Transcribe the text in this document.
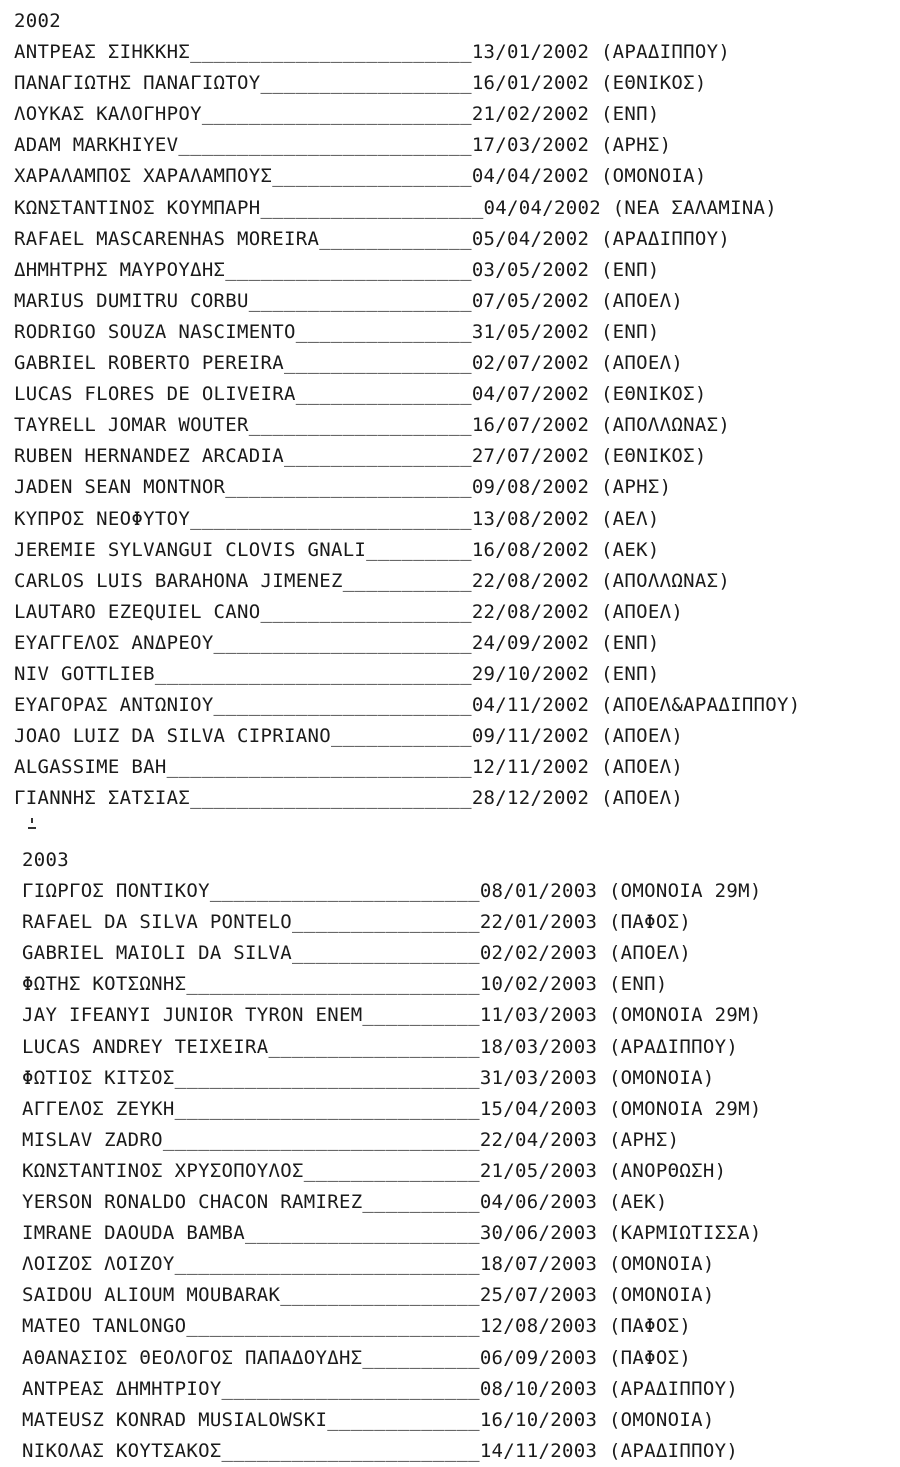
2002
ΑΝΤΡΕΑΣ ΣΙΗΚΚΗΣ________________________13/01/2002 (ΑΡΑΔΙΠΠΟΥ)
ΠΑΝΑΓΙΩΤΗΣ ΠΑΝΑΓΙΩΤΟΥ__________________16/01/2002 (ΕΘΝΙΚΟΣ)
ΛΟΥΚΑΣ ΚΑΛΟΓΗΡΟΥ_______________________21/02/2002 (ΕΝΠ)
ADAM MARKHIYEV_________________________17/03/2002 (ΑΡΗΣ)
ΧΑΡΑΛΑΜΠΟΣ ΧΑΡΑΛΑΜΠΟΥΣ_________________04/04/2002 (ΟΜΟΝΟΙΑ)
ΚΩΝΣΤΑΝΤΙΝΟΣ ΚΟΥΜΠΑΡΗ___________________04/04/2002 (ΝΕΑ ΣΑΛΑΜΙΝΑ)
RAFAEL MASCARENHAS MOREIRA_____________05/04/2002 (ΑΡΑΔΙΠΠΟΥ)
ΔΗΜΗΤΡΗΣ ΜΑΥΡΟΥΔΗΣ_____________________03/05/2002 (ΕΝΠ)
MARIUS DUMITRU CORBU___________________07/05/2002 (ΑΠΟΕΛ)
RODRIGO SOUZA NASCIMENTO_______________31/05/2002 (ΕΝΠ)
GABRIEL ROBERTO PEREIRA________________02/07/2002 (ΑΠΟΕΛ)
LUCAS FLORES DE OLIVEIRA_______________04/07/2002 (ΕΘΝΙΚΟΣ)
TAYRELL JOMAR WOUTER___________________16/07/2002 (ΑΠΟΛΛΩΝΑΣ)
RUBEN HERNANDEZ ARCADIA________________27/07/2002 (ΕΘΝΙΚΟΣ)
JADEN SEAN MONTNOR_____________________09/08/2002 (ΑΡΗΣ)
ΚΥΠΡΟΣ ΝΕΟΦΥΤΟΥ________________________13/08/2002 (ΑΕΛ)
JEREMIE SYLVANGUI CLOVIS GNALI_________16/08/2002 (ΑΕΚ)
CARLOS LUIS BARAHONA JIMENEZ___________22/08/2002 (ΑΠΟΛΛΩΝΑΣ)
LAUTARO EZEQUIEL CANO__________________22/08/2002 (ΑΠΟΕΛ)
ΕΥΑΓΓΕΛΟΣ ΑΝΔΡΕΟΥ______________________24/09/2002 (ΕΝΠ)
NIV GOTTLIEB___________________________29/10/2002 (ΕΝΠ)
ΕΥΑΓΟΡΑΣ ΑΝΤΩΝΙΟΥ______________________04/11/2002 (ΑΠΟΕΛ&ΑΡΑΔΙΠΠΟΥ)
JOAO LUIZ DA SILVA CIPRIANO____________09/11/2002 (ΑΠΟΕΛ)
ALGASSIME BAH__________________________12/11/2002 (ΑΠΟΕΛ)
ΓΙΑΝΝΗΣ ΣΑΤΣΙΑΣ________________________28/12/2002 (ΑΠΟΕΛ)
2003
ΓΙΩΡΓΟΣ ΠΟΝΤΙΚΟΥ_______________________08/01/2003 (ΟΜΟΝΟΙΑ 29Μ)
RAFAEL DA SILVA PONTELO________________22/01/2003 (ΠΑΦΟΣ)
GABRIEL MAIOLI DA SILVA________________02/02/2003 (ΑΠΟΕΛ)
ΦΩΤΗΣ ΚΟΤΣΩΝΗΣ_________________________10/02/2003 (ΕΝΠ)
JAY IFEANYI JUNIOR TYRON ENEM__________11/03/2003 (ΟΜΟΝΟΙΑ 29Μ)
LUCAS ANDREY TEIXEIRA__________________18/03/2003 (ΑΡΑΔΙΠΠΟΥ)
ΦΩΤΙΟΣ ΚΙΤΣΟΣ__________________________31/03/2003 (ΟΜΟΝΟΙΑ)
ΑΓΓΕΛΟΣ ΖΕΥΚΗ__________________________15/04/2003 (ΟΜΟΝΟΙΑ 29Μ)
MISLAV ZADRO___________________________22/04/2003 (ΑΡΗΣ)
ΚΩΝΣΤΑΝΤΙΝΟΣ ΧΡΥΣΟΠΟΥΛΟΣ_______________21/05/2003 (ΑΝΟΡΘΩΣΗ)
YERSON RONALDO CHACON RAMIREZ__________04/06/2003 (ΑΕΚ)
IMRANE DAOUDA BAMBA____________________30/06/2003 (ΚΑΡΜΙΩΤΙΣΣΑ)
ΛΟΙΖΟΣ ΛΟΙΖΟΥ__________________________18/07/2003 (ΟΜΟΝΟΙΑ)
SAIDOU ALIOUM MOUBARAK_________________25/07/2003 (ΟΜΟΝΟΙΑ)
MATEO TANLONGO_________________________12/08/2003 (ΠΑΦΟΣ)
ΑΘΑΝΑΣΙΟΣ ΘΕΟΛΟΓΟΣ ΠΑΠΑΔΟΥΔΗΣ__________06/09/2003 (ΠΑΦΟΣ)
ΑΝΤΡΕΑΣ ΔΗΜΗΤΡΙΟΥ______________________08/10/2003 (ΑΡΑΔΙΠΠΟΥ)
MATEUSZ KONRAD MUSIALOWSKI_____________16/10/2003 (ΟΜΟΝΟΙΑ)
ΝΙΚΟΛΑΣ ΚΟΥΤΣΑΚΟΣ______________________14/11/2003 (ΑΡΑΔΙΠΠΟΥ)
